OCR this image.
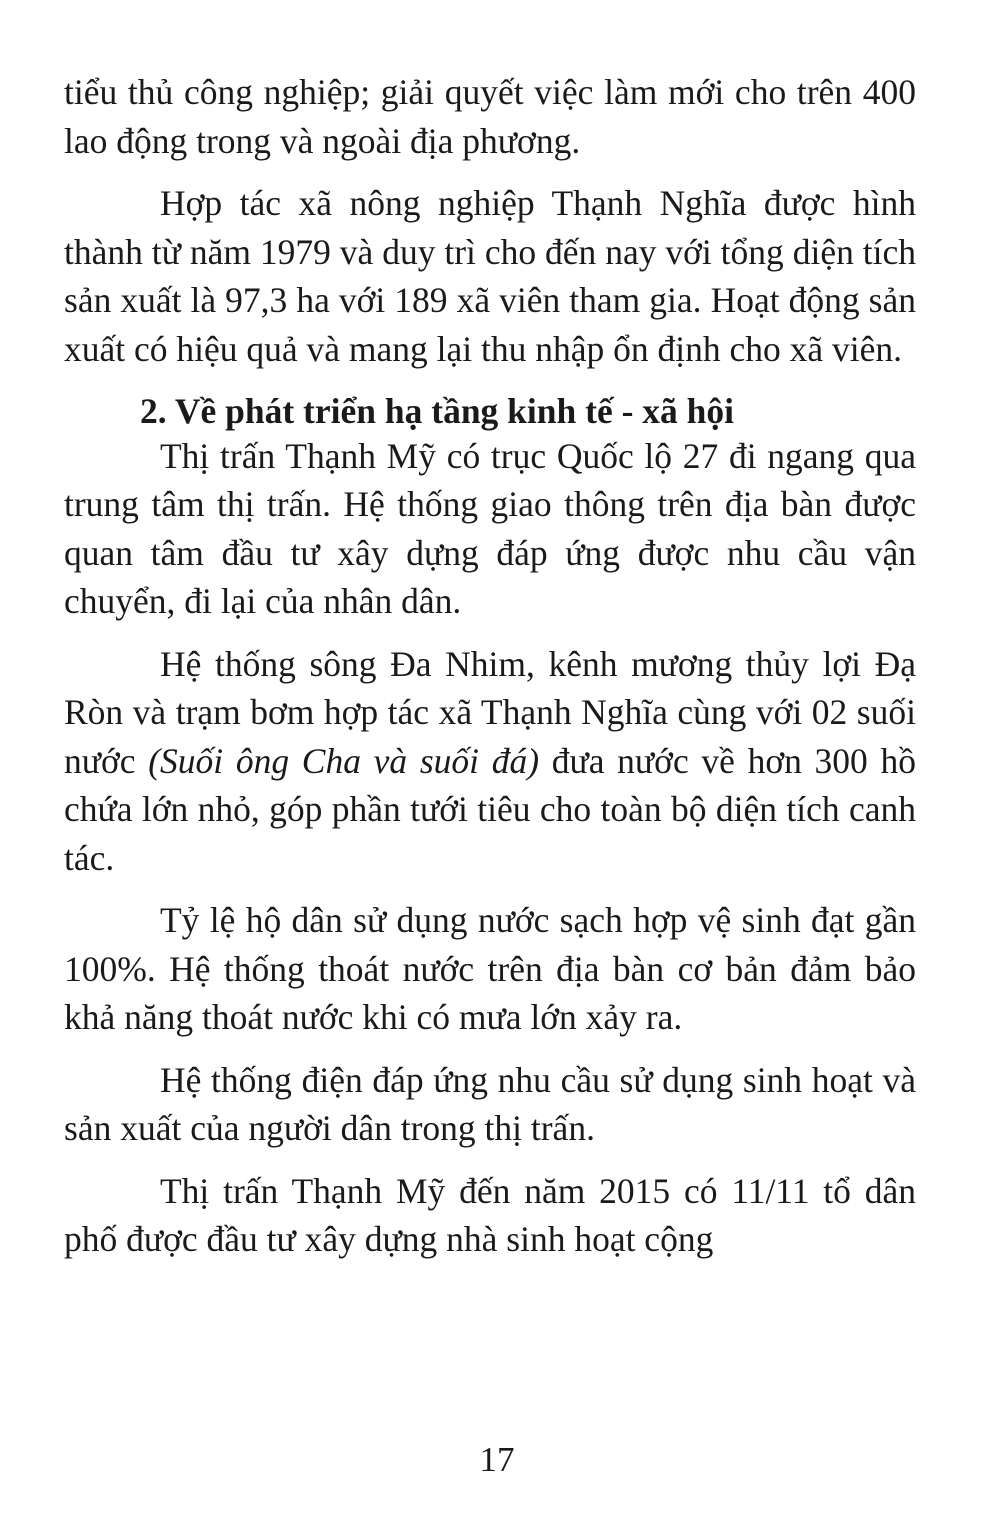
tiểu thủ công nghiệp; giải quyết việc làm mới cho trên 400 lao động trong và ngoài địa phương.

Hợp tác xã nông nghiệp Thạnh Nghĩa được hình thành từ năm 1979 và duy trì cho đến nay với tổng diện tích sản xuất là 97,3 ha với 189 xã viên tham gia. Hoạt động sản xuất có hiệu quả và mang lại thu nhập ổn định cho xã viên.

2. Về phát triển hạ tầng kinh tế - xã hội

Thị trấn Thạnh Mỹ có trục Quốc lộ 27 đi ngang qua trung tâm thị trấn. Hệ thống giao thông trên địa bàn được quan tâm đầu tư xây dựng đáp ứng được nhu cầu vận chuyển, đi lại của nhân dân.

Hệ thống sông Đa Nhim, kênh mương thủy lợi Đạ Ròn và trạm bơm hợp tác xã Thạnh Nghĩa cùng với 02 suối nước (Suối ông Cha và suối đá) đưa nước về hơn 300 hồ chứa lớn nhỏ, góp phần tưới tiêu cho toàn bộ diện tích canh tác.

Tỷ lệ hộ dân sử dụng nước sạch hợp vệ sinh đạt gần 100%. Hệ thống thoát nước trên địa bàn cơ bản đảm bảo khả năng thoát nước khi có mưa lớn xảy ra.

Hệ thống điện đáp ứng nhu cầu sử dụng sinh hoạt và sản xuất của người dân trong thị trấn.

Thị trấn Thạnh Mỹ đến năm 2015 có 11/11 tổ dân phố được đầu tư xây dựng nhà sinh hoạt cộng

17
